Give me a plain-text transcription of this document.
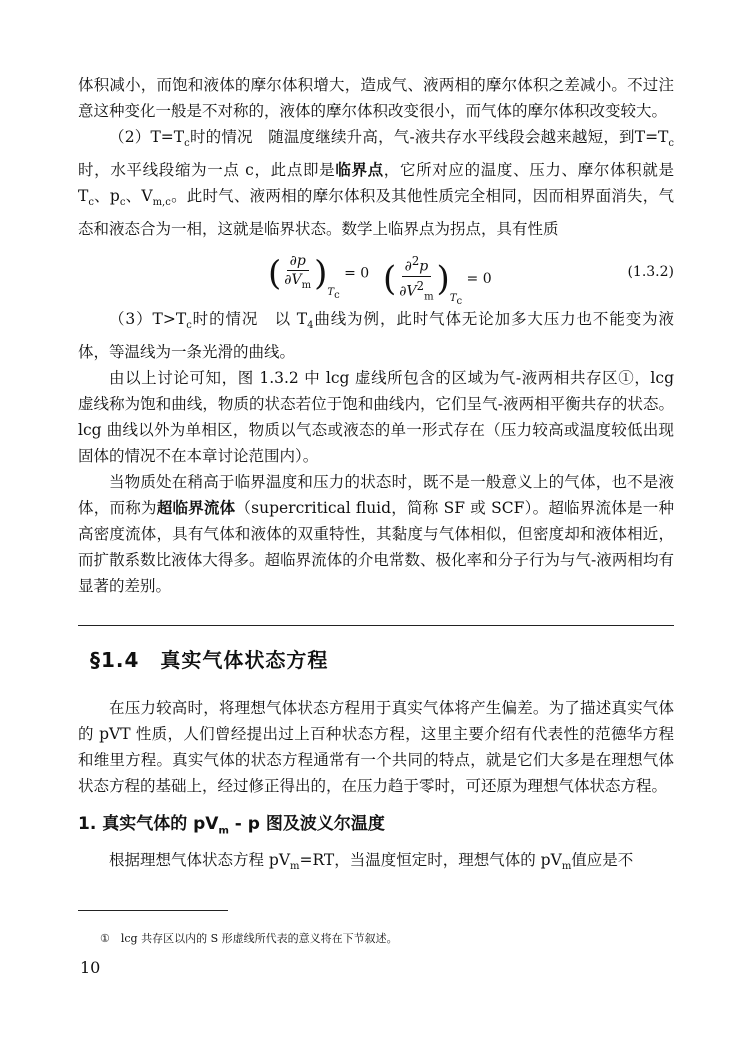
体积减小，而饱和液体的摩尔体积增大，造成气、液两相的摩尔体积之差减小。不过注意这种变化一般是不对称的，液体的摩尔体积改变很小，而气体的摩尔体积改变较大。

$(2)T=T_c$时的情况 随温度继续升高，气-液共存水平线段会越来越短，到$T=T_c$时，水平线段缩为一点 c，此点即是临界点，它所对应的温度、压力、摩尔体积就是 $T_c$、$p_c$、$V_{m,c}$。此时气、液两相的摩尔体积及其他性质完全相同，因而相界面消失，气态和液态合为一相，这就是临界状态。数学上临界点为拐点，具有性质

( $\frac{\partial p}{\partial V_m} )_{T_c} = 0$ ( $\frac{\partial^2p}{\partial V^2_m} )_{T_c} = 0$	(1.3.2)

$(3)T>T_c$时的情况　以 $T_4$曲线为例，此时气体无论加多大压力也不能变为液体，等温线为一条光滑的曲线。

由以上讨论可知，图 1.3.2 中 lcg 虚线所包含的区域为气-液两相共存区①，lcg 虚线称为饱和曲线，物质的状态若位于饱和曲线内，它们呈气-液两相平衡共存的状态。lcg 曲线以外为单相区，物质以气态或液态的单一形式存在（压力较高或温度较低出现固体的情况不在本章讨论范围内）。

当物质处在稍高于临界温度和压力的状态时，既不是一般意义上的气体，也不是液体，而称为超临界流体（supercritical fluid，简称 SF 或 SCF）。超临界流体是一种高密度流体，具有气体和液体的双重特性，其黏度与气体相似，但密度却和液体相近，而扩散系数比液体大得多。超临界流体的介电常数、极化率和分子行为与气-液两相均有显著的差别。

§1.4　真实气体状态方程

在压力较高时，将理想气体状态方程用于真实气体将产生偏差。为了描述真实气体的 pVT 性质，人们曾经提出过上百种状态方程，这里主要介绍有代表性的范德华方程和维里方程。真实气体的状态方程通常有一个共同的特点，就是它们大多是在理想气体状态方程的基础上，经过修正得出的，在压力趋于零时，可还原为理想气体状态方程。

1. 真实气体的 $pV_m$ - p 图及波义尔温度

根据理想气体状态方程 $pV_m=RT$，当温度恒定时，理想气体的 $pV_m$值应是不

①　lcg 共存区以内的 S 形虚线所代表的意义将在下节叙述。
10
